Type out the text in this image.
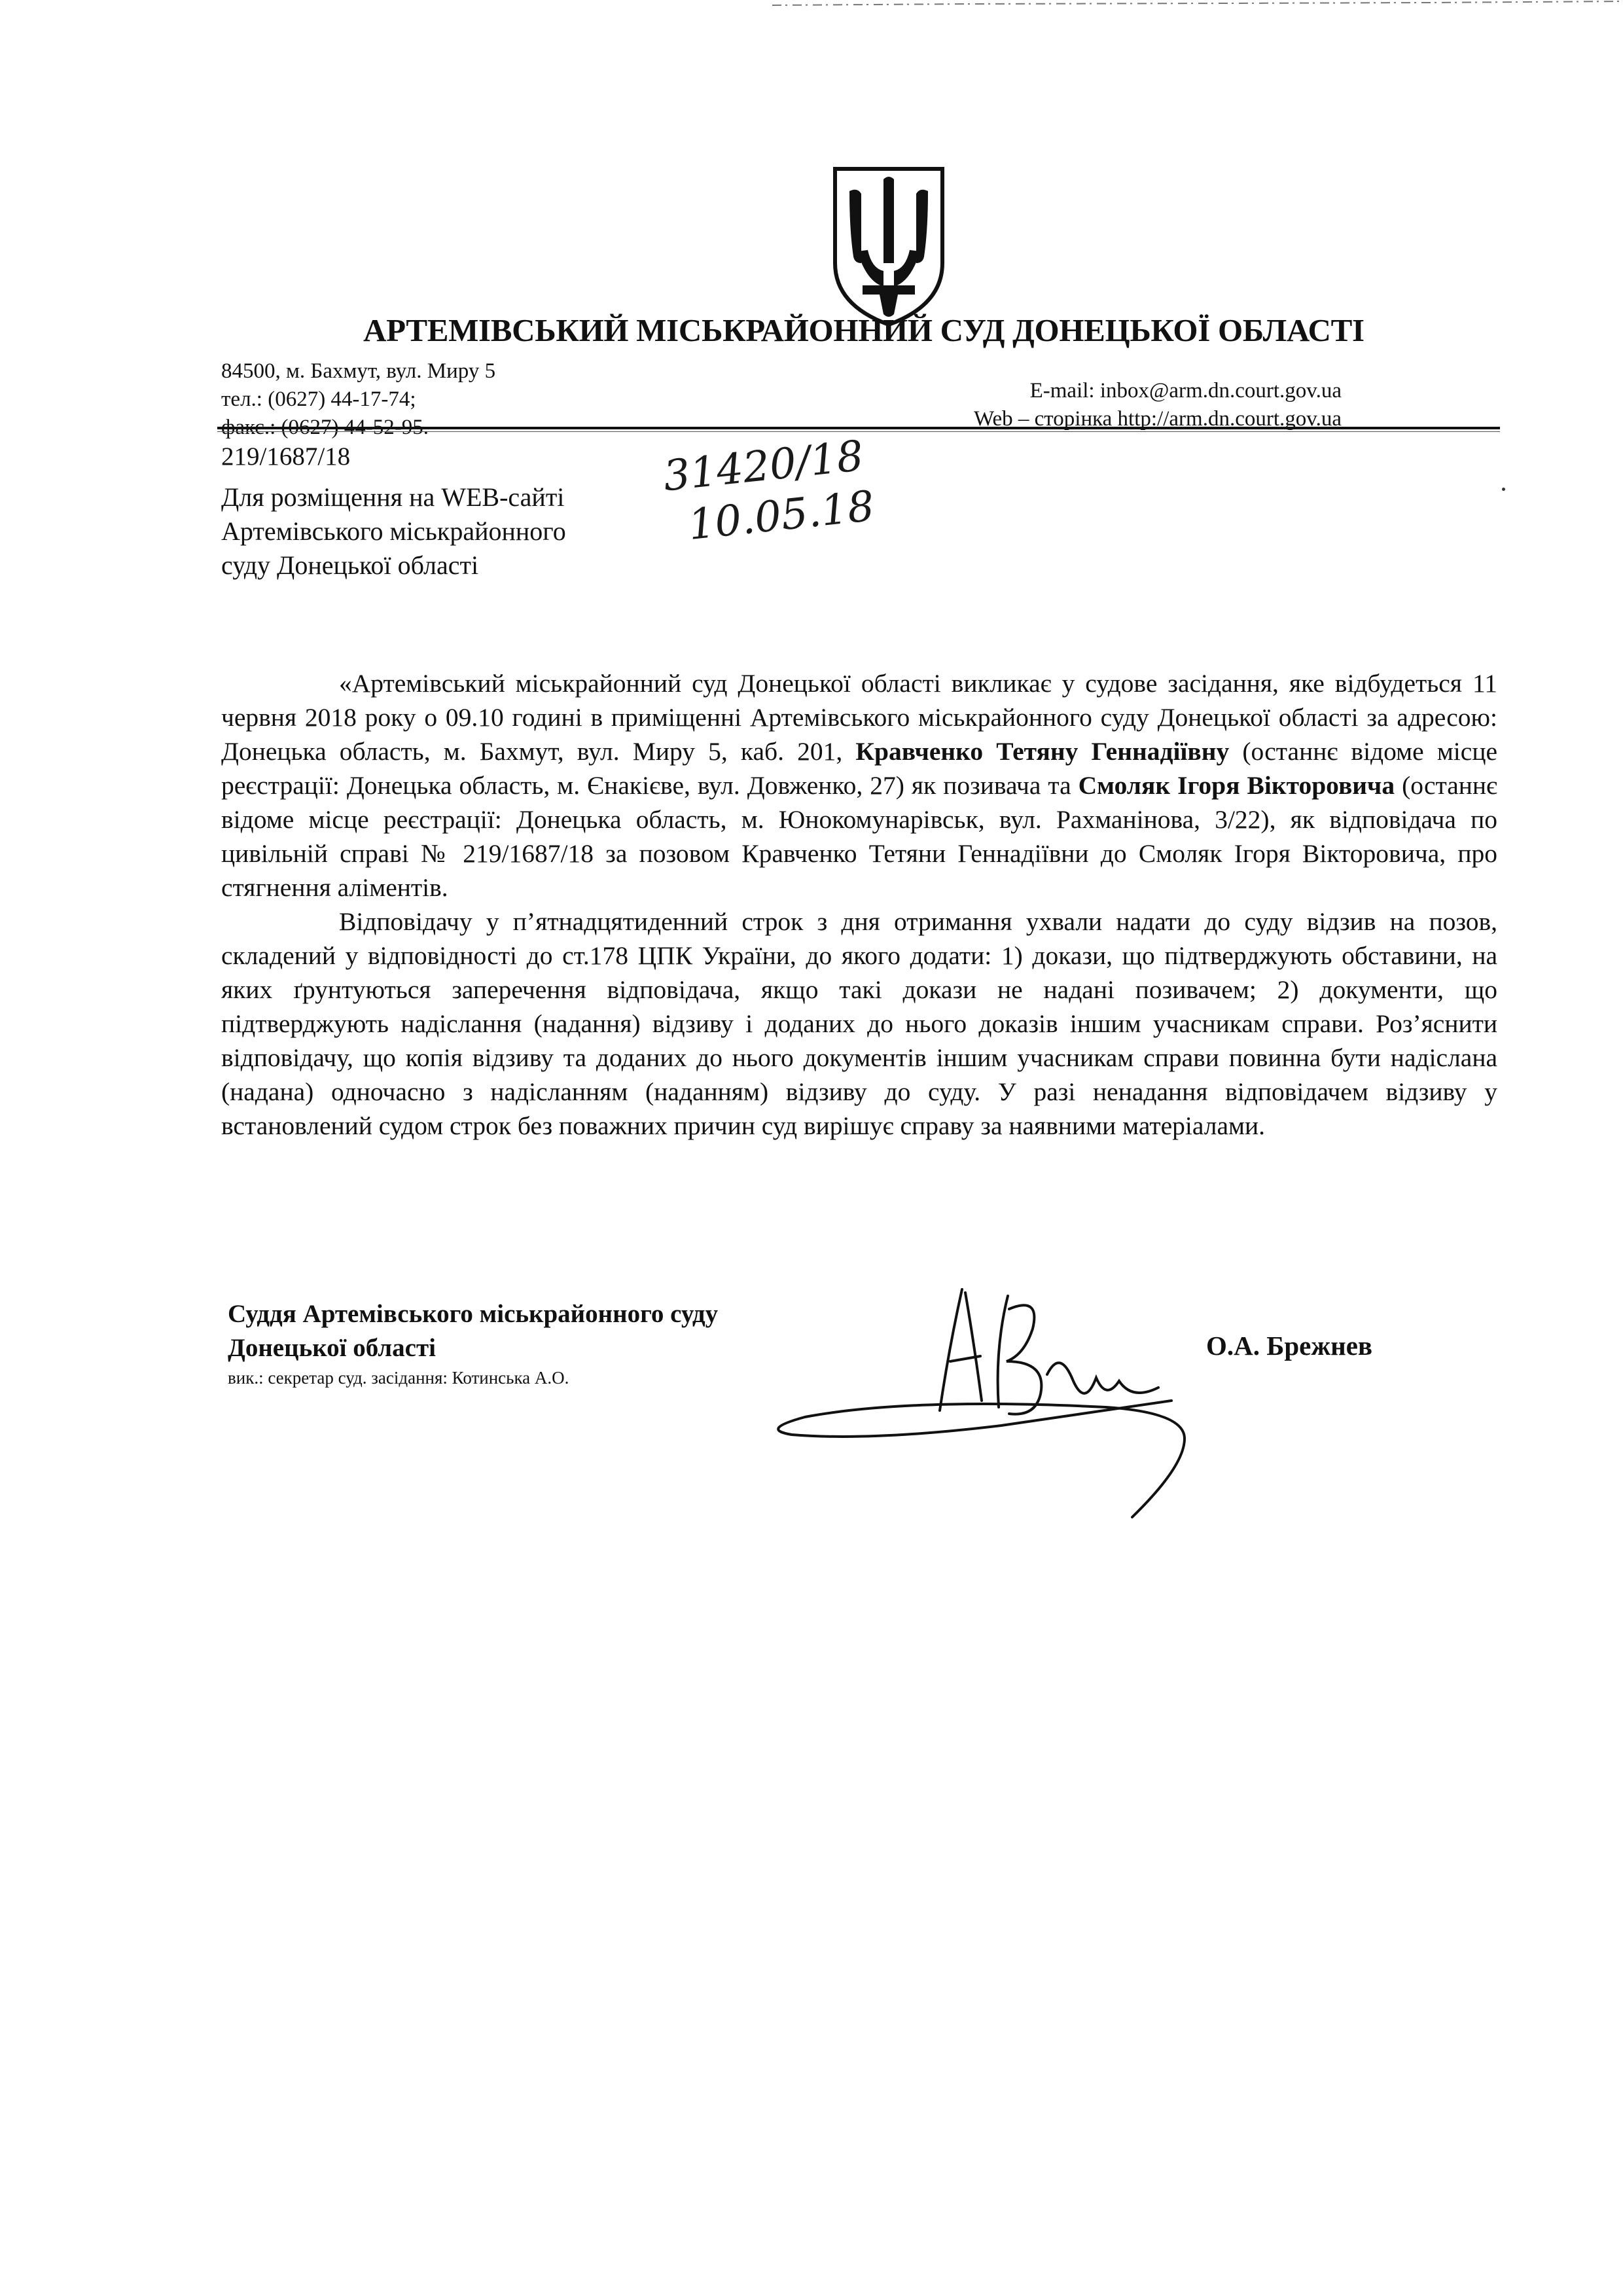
АРТЕМІВСЬКИЙ МІСЬКРАЙОННИЙ СУД ДОНЕЦЬКОЇ ОБЛАСТІ
84500, м. Бахмут, вул. Миру 5
тел.: (0627) 44-17-74;
факс.: (0627) 44-52-95.
E-mail: inbox@arm.dn.court.gov.ua
Web – сторінка http://arm.dn.court.gov.ua
219/1687/18
Для розміщення на WEB-сайті
Артемівського міськрайонного
суду Донецької області
31420/18
10.05.18

«Артемівський міськрайонний суд Донецької області викликає у судове засідання, яке відбудеться 11 червня 2018 року о 09.10 годині в приміщенні Артемівського міськрайонного суду Донецької області за адресою: Донецька область, м. Бахмут, вул. Миру 5, каб. 201, Кравченко Тетяну Геннадіївну (останнє відоме місце реєстрації: Донецька область, м. Єнакієве, вул. Довженко, 27) як позивача та Смоляк Ігоря Вікторовича (останнє відоме місце реєстрації: Донецька область, м. Юнокомунарівськ, вул. Рахманінова, 3/22), як відповідача по цивільній справі № 219/1687/18 за позовом Кравченко Тетяни Геннадіївни до Смоляк Ігоря Вікторовича, про стягнення аліментів.

Відповідачу у п’ятнадцятиденний строк з дня отримання ухвали надати до суду відзив на позов, складений у відповідності до ст.178 ЦПК України, до якого додати: 1) докази, що підтверджують обставини, на яких ґрунтуються заперечення відповідача, якщо такі докази не надані позивачем; 2) документи, що підтверджують надіслання (надання) відзиву і доданих до нього доказів іншим учасникам справи. Роз’яснити відповідачу, що копія відзиву та доданих до нього документів іншим учасникам справи повинна бути надіслана (надана) одночасно з надісланням (наданням) відзиву до суду. У разі ненадання відповідачем відзиву у встановлений судом строк без поважних причин суд вирішує справу за наявними матеріалами.

Суддя Артемівського міськрайонного суду
Донецької області
вик.: секретар суд. засідання: Котинська А.О.
О.А. Брежнев
